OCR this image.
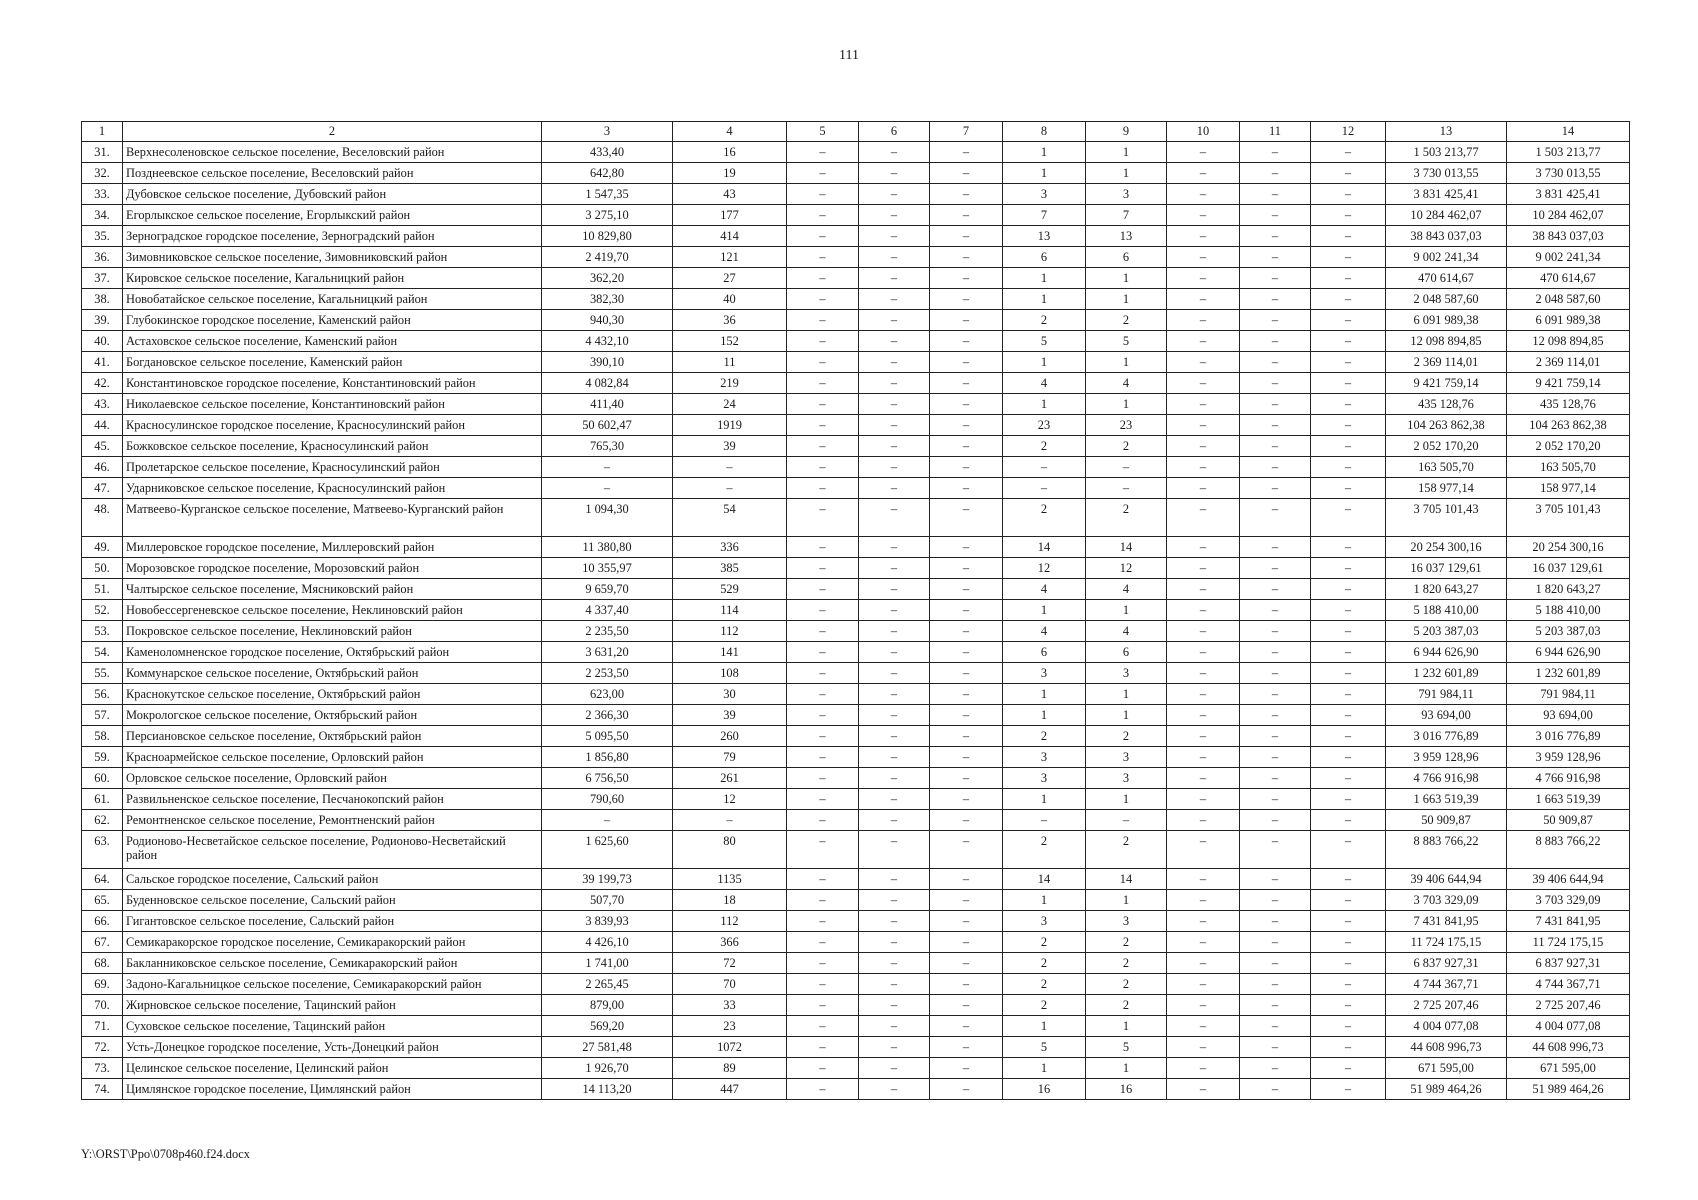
111
1	2	3	4	5	6	7	8	9	10	11	12	13	14
31.	Верхнесоленовское сельское поселение, Веселовский район	433,40	16	–	–	–	1	1	–	–	–	1 503 213,77	1 503 213,77
32.	Позднеевское сельское поселение, Веселовский район	642,80	19	–	–	–	1	1	–	–	–	3 730 013,55	3 730 013,55
33.	Дубовское сельское поселение, Дубовский район	1 547,35	43	–	–	–	3	3	–	–	–	3 831 425,41	3 831 425,41
34.	Егорлыкское сельское поселение, Егорлыкский район	3 275,10	177	–	–	–	7	7	–	–	–	10 284 462,07	10 284 462,07
35.	Зерноградское городское поселение, Зерноградский район	10 829,80	414	–	–	–	13	13	–	–	–	38 843 037,03	38 843 037,03
36.	Зимовниковское сельское поселение, Зимовниковский район	2 419,70	121	–	–	–	6	6	–	–	–	9 002 241,34	9 002 241,34
37.	Кировское сельское поселение, Кагальницкий район	362,20	27	–	–	–	1	1	–	–	–	470 614,67	470 614,67
38.	Новобатайское сельское поселение, Кагальницкий район	382,30	40	–	–	–	1	1	–	–	–	2 048 587,60	2 048 587,60
39.	Глубокинское городское поселение, Каменский район	940,30	36	–	–	–	2	2	–	–	–	6 091 989,38	6 091 989,38
40.	Астаховское сельское поселение, Каменский район	4 432,10	152	–	–	–	5	5	–	–	–	12 098 894,85	12 098 894,85
41.	Богдановское сельское поселение, Каменский район	390,10	11	–	–	–	1	1	–	–	–	2 369 114,01	2 369 114,01
42.	Константиновское городское поселение, Константиновский район	4 082,84	219	–	–	–	4	4	–	–	–	9 421 759,14	9 421 759,14
43.	Николаевское сельское поселение, Константиновский район	411,40	24	–	–	–	1	1	–	–	–	435 128,76	435 128,76
44.	Красносулинское городское поселение, Красносулинский район	50 602,47	1919	–	–	–	23	23	–	–	–	104 263 862,38	104 263 862,38
45.	Божковское сельское поселение, Красносулинский район	765,30	39	–	–	–	2	2	–	–	–	2 052 170,20	2 052 170,20
46.	Пролетарское сельское поселение, Красносулинский район	–	–	–	–	–	–	–	–	–	–	163 505,70	163 505,70
47.	Ударниковское сельское поселение, Красносулинский район	–	–	–	–	–	–	–	–	–	–	158 977,14	158 977,14
48.	Матвеево-Курганское сельское поселение, Матвеево-Курганский район	1 094,30	54	–	–	–	2	2	–	–	–	3 705 101,43	3 705 101,43
49.	Миллеровское городское поселение, Миллеровский район	11 380,80	336	–	–	–	14	14	–	–	–	20 254 300,16	20 254 300,16
50.	Морозовское городское поселение, Морозовский район	10 355,97	385	–	–	–	12	12	–	–	–	16 037 129,61	16 037 129,61
51.	Чалтырское сельское поселение, Мясниковский район	9 659,70	529	–	–	–	4	4	–	–	–	1 820 643,27	1 820 643,27
52.	Новобессергеневское сельское поселение, Неклиновский район	4 337,40	114	–	–	–	1	1	–	–	–	5 188 410,00	5 188 410,00
53.	Покровское сельское поселение, Неклиновский район	2 235,50	112	–	–	–	4	4	–	–	–	5 203 387,03	5 203 387,03
54.	Каменоломненское городское поселение, Октябрьский район	3 631,20	141	–	–	–	6	6	–	–	–	6 944 626,90	6 944 626,90
55.	Коммунарское сельское поселение, Октябрьский район	2 253,50	108	–	–	–	3	3	–	–	–	1 232 601,89	1 232 601,89
56.	Краснокутское сельское поселение, Октябрьский район	623,00	30	–	–	–	1	1	–	–	–	791 984,11	791 984,11
57.	Мокрологское сельское поселение, Октябрьский район	2 366,30	39	–	–	–	1	1	–	–	–	93 694,00	93 694,00
58.	Персиановское сельское поселение, Октябрьский район	5 095,50	260	–	–	–	2	2	–	–	–	3 016 776,89	3 016 776,89
59.	Красноармейское сельское поселение, Орловский район	1 856,80	79	–	–	–	3	3	–	–	–	3 959 128,96	3 959 128,96
60.	Орловское сельское поселение, Орловский район	6 756,50	261	–	–	–	3	3	–	–	–	4 766 916,98	4 766 916,98
61.	Развильненское сельское поселение, Песчанокопский район	790,60	12	–	–	–	1	1	–	–	–	1 663 519,39	1 663 519,39
62.	Ремонтненское сельское поселение, Ремонтненский район	–	–	–	–	–	–	–	–	–	–	50 909,87	50 909,87
63.	Родионово-Несветайское сельское поселение, Родионово-Несветайский район	1 625,60	80	–	–	–	2	2	–	–	–	8 883 766,22	8 883 766,22
64.	Сальское городское поселение, Сальский район	39 199,73	1135	–	–	–	14	14	–	–	–	39 406 644,94	39 406 644,94
65.	Буденновское сельское поселение, Сальский район	507,70	18	–	–	–	1	1	–	–	–	3 703 329,09	3 703 329,09
66.	Гигантовское сельское поселение, Сальский район	3 839,93	112	–	–	–	3	3	–	–	–	7 431 841,95	7 431 841,95
67.	Семикаракорское городское поселение, Семикаракорский район	4 426,10	366	–	–	–	2	2	–	–	–	11 724 175,15	11 724 175,15
68.	Бакланниковское сельское поселение, Семикаракорский район	1 741,00	72	–	–	–	2	2	–	–	–	6 837 927,31	6 837 927,31
69.	Задоно-Кагальницкое сельское поселение, Семикаракорский район	2 265,45	70	–	–	–	2	2	–	–	–	4 744 367,71	4 744 367,71
70.	Жирновское сельское поселение, Тацинский район	879,00	33	–	–	–	2	2	–	–	–	2 725 207,46	2 725 207,46
71.	Суховское сельское поселение, Тацинский район	569,20	23	–	–	–	1	1	–	–	–	4 004 077,08	4 004 077,08
72.	Усть-Донецкое городское поселение, Усть-Донецкий район	27 581,48	1072	–	–	–	5	5	–	–	–	44 608 996,73	44 608 996,73
73.	Целинское сельское поселение, Целинский район	1 926,70	89	–	–	–	1	1	–	–	–	671 595,00	671 595,00
74.	Цимлянское городское поселение, Цимлянский район	14 113,20	447	–	–	–	16	16	–	–	–	51 989 464,26	51 989 464,26
Y:\ORST\Ppo\0708p460.f24.docx
